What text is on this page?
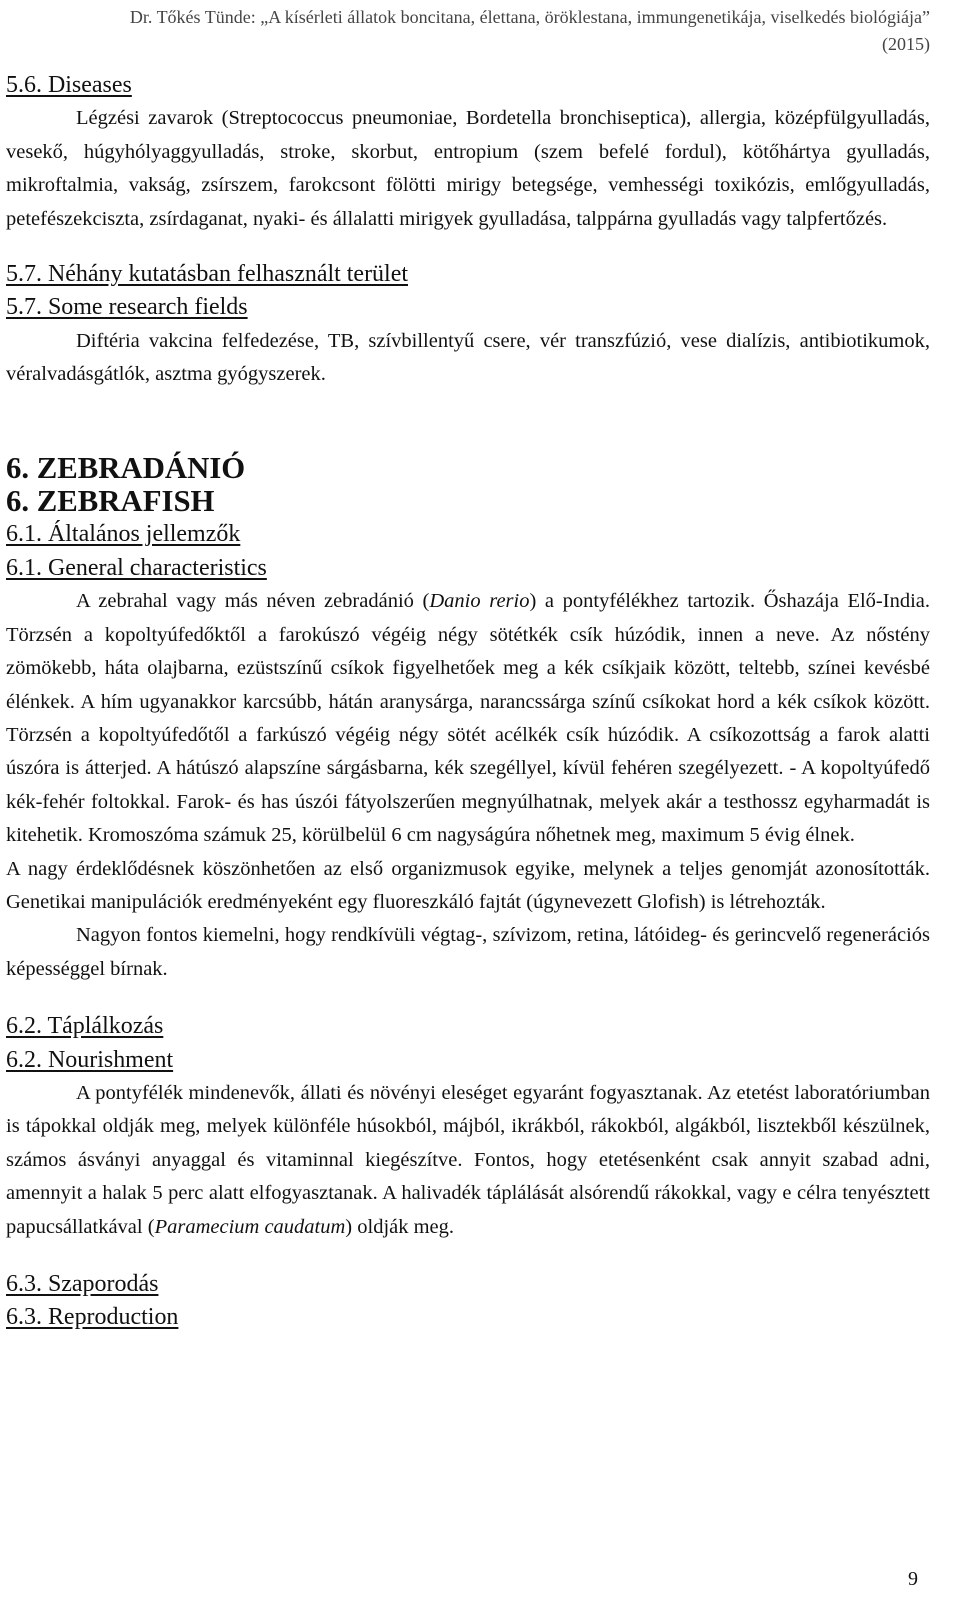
Dr. Tőkés Tünde: „A kísérleti állatok boncitana, élettana, öröklestana, immungenetikája, viselkedés biológiája”
(2015)
5.6. Diseases

Légzési zavarok (Streptococcus pneumoniae, Bordetella bronchiseptica), allergia, középfülgyulladás, vesekő, húgyhólyaggyulladás, stroke, skorbut, entropium (szem befelé fordul), kötőhártya gyulladás, mikroftalmia, vakság, zsírszem, farokcsont fölötti mirigy betegsége, vemhességi toxikózis, emlőgyulladás, petefészekciszta, zsírdaganat, nyaki- és állalatti mirigyek gyulladása, talppárna gyulladás vagy talpfertőzés.

5.7. Néhány kutatásban felhasznált terület
5.7. Some research fields

Diftéria vakcina felfedezése, TB, szívbillentyű csere, vér transzfúzió, vese dialízis, antibiotikumok, véralvadásgátlók, asztma gyógyszerek.

6. ZEBRADÁNIÓ
6. ZEBRAFISH
6.1. Általános jellemzők
6.1. General characteristics

A zebrahal vagy más néven zebradánió (Danio rerio) a pontyfélékhez tartozik. Őshazája Elő-India. Törzsén a kopoltyúfedőktől a farokúszó végéig négy sötétkék csík húzódik, innen a neve. Az nőstény zömökebb, háta olajbarna, ezüstszínű csíkok figyelhetőek meg a kék csíkjaik között, teltebb, színei kevésbé élénkek. A hím ugyanakkor karcsúbb, hátán aranysárga, narancssárga színű csíkokat hord a kék csíkok között. Törzsén a kopoltyúfedőtől a farkúszó végéig négy sötét acélkék csík húzódik. A csíkozottság a farok alatti úszóra is átterjed. A hátúszó alapszíne sárgásbarna, kék szegéllyel, kívül fehéren szegélyezett. - A kopoltyúfedő kék-fehér foltokkal. Farok- és has úszói fátyolszerűen megnyúlhatnak, melyek akár a testhossz egyharmadát is kitehetik. Kromoszóma számuk 25, körülbelül 6 cm nagyságúra nőhetnek meg, maximum 5 évig élnek.

A nagy érdeklődésnek köszönhetően az első organizmusok egyike, melynek a teljes genomját azonosították. Genetikai manipulációk eredményeként egy fluoreszkáló fajtát (úgynevezett Glofish) is létrehozták.

Nagyon fontos kiemelni, hogy rendkívüli végtag-, szívizom, retina, látóideg- és gerincvelő regenerációs képességgel bírnak.

6.2. Táplálkozás
6.2. Nourishment

A pontyfélék mindenevők, állati és növényi eleséget egyaránt fogyasztanak. Az etetést laboratóriumban is tápokkal oldják meg, melyek különféle húsokból, májból, ikrákból, rákokból, algákból, lisztekből készülnek, számos ásványi anyaggal és vitaminnal kiegészítve. Fontos, hogy etetésenként csak annyit szabad adni, amennyit a halak 5 perc alatt elfogyasztanak. A halivadék táplálását alsórendű rákokkal, vagy e célra tenyésztett papucsállatkával (Paramecium caudatum) oldják meg.

6.3. Szaporodás
6.3. Reproduction
9
